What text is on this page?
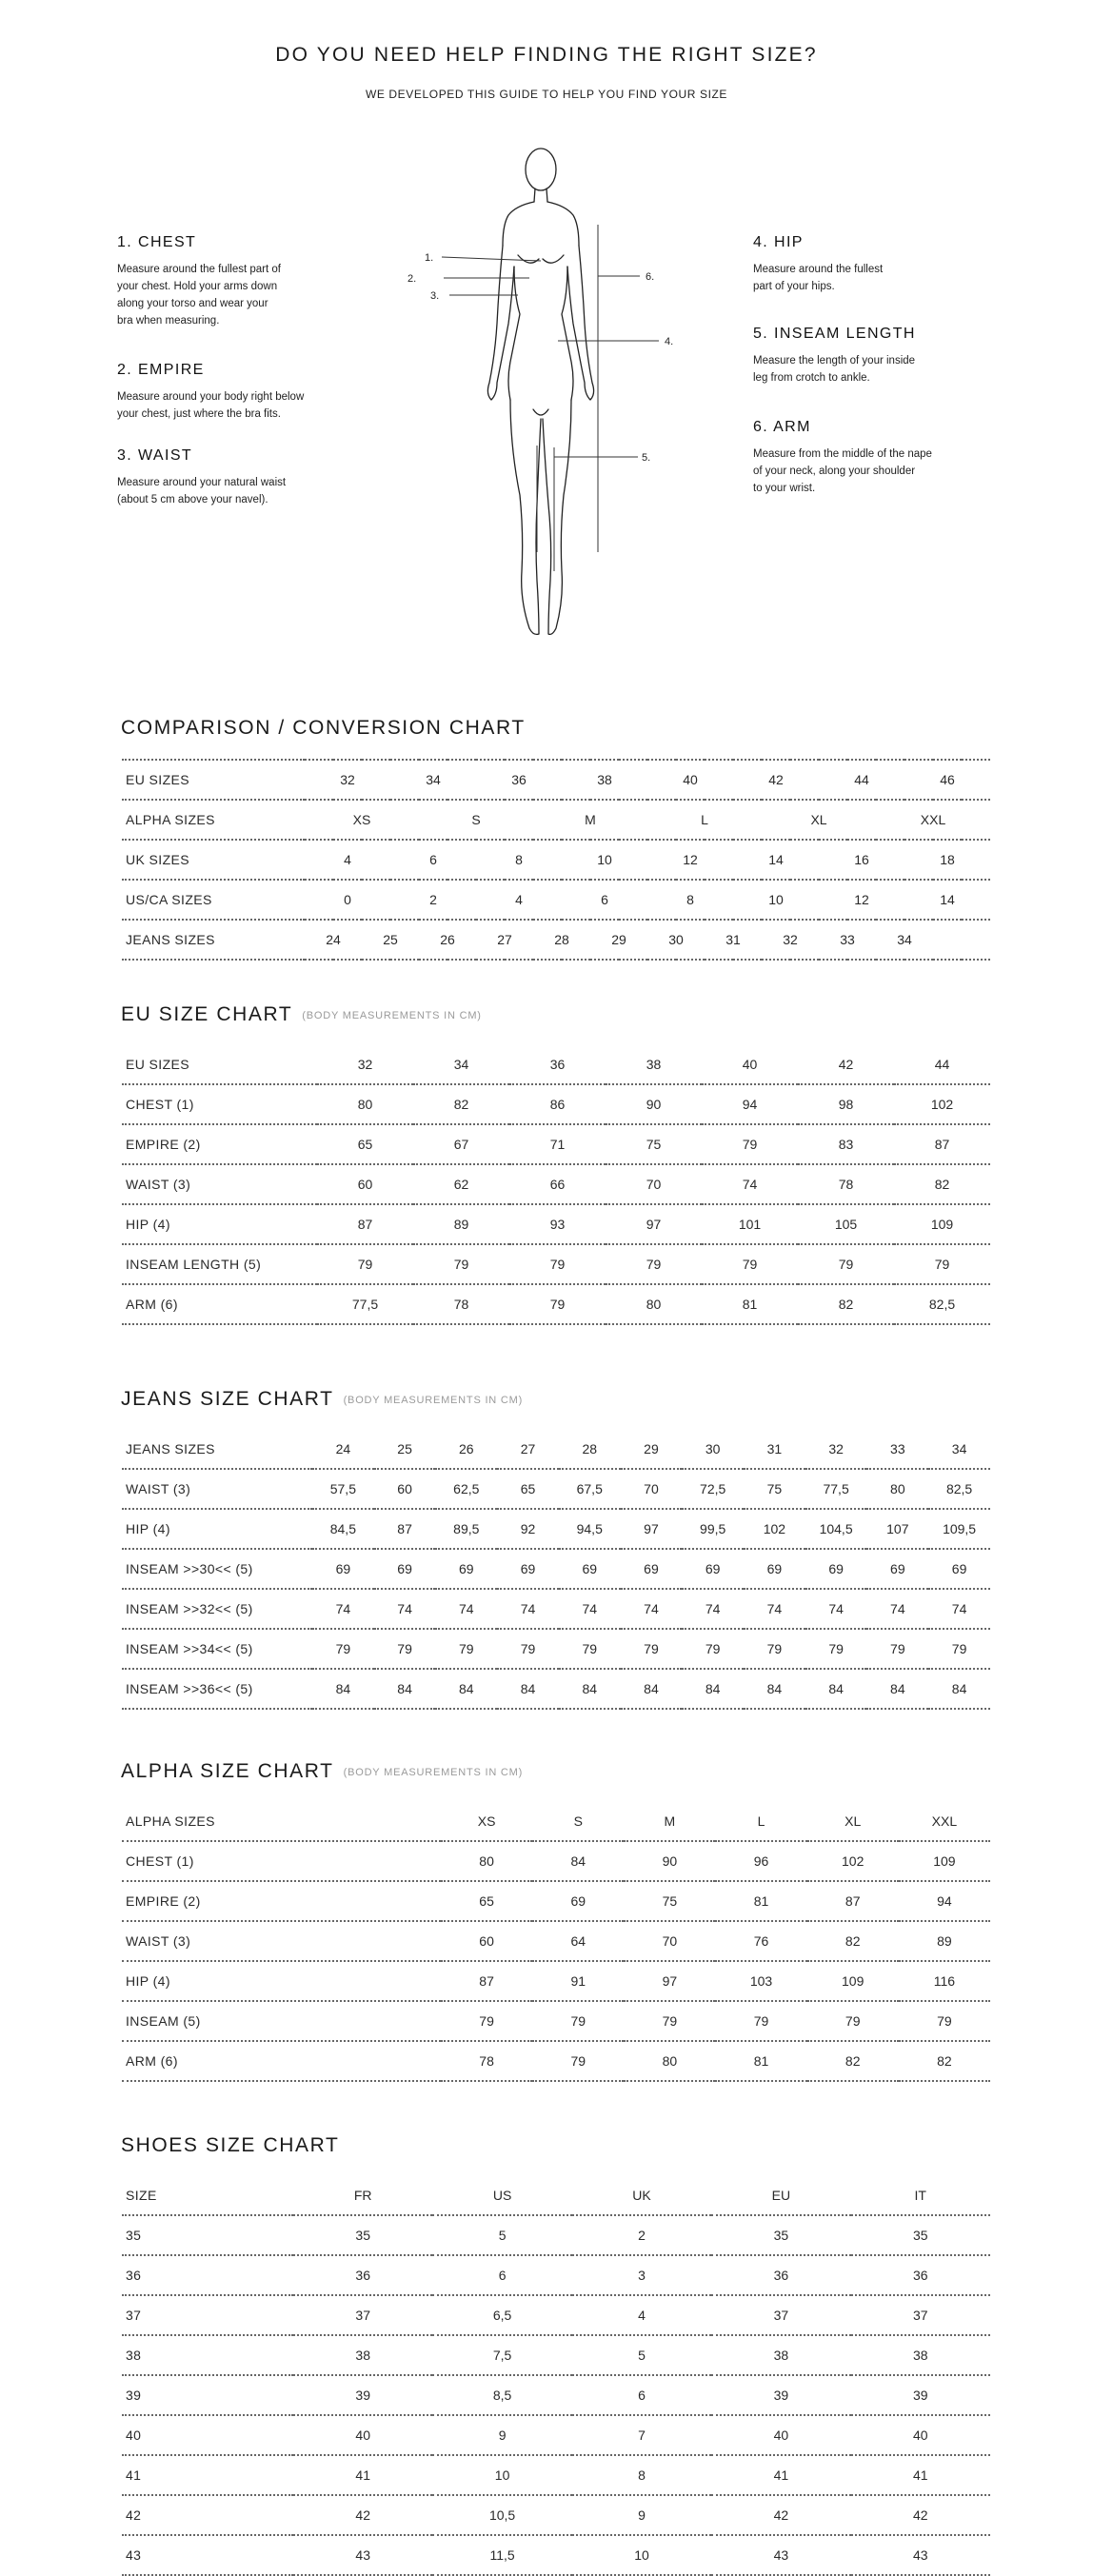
DO YOU NEED HELP FINDING THE RIGHT SIZE?
WE DEVELOPED THIS GUIDE TO HELP YOU FIND YOUR SIZE
1. CHEST

Measure around the fullest part of
your chest. Hold your arms down
along your torso and wear your
bra when measuring.

2. EMPIRE

Measure around your body right below
your chest, just where the bra fits.

3. WAIST

Measure around your natural waist
(about 5 cm above your navel).

4. HIP

Measure around the fullest
part of your hips.

5. INSEAM LENGTH

Measure the length of your inside
leg from crotch to ankle.

6. ARM

Measure from the middle of the nape
of your neck, along your shoulder
to your wrist.

1.
2.
3.
4.
5.
6.
COMPARISON / CONVERSION CHART
EU SIZES	32		34		36		38		40		42		44		46	
ALPHA SIZES	XS			S		M			L			XL		XXL		
UK SIZES	4		6		8		10		12		14		16		18	
US/CA SIZES	0		2		4		6		8		10		12		14	
JEANS SIZES	24	25		26	27	28		29	30	31		32	33	34		
EU SIZE CHART (BODY MEASUREMENTS IN CM)
EU SIZES	32	34	36	38	40	42	44
CHEST (1)	80	82	86	90	94	98	102
EMPIRE (2)	65	67	71	75	79	83	87
WAIST (3)	60	62	66	70	74	78	82
HIP (4)	87	89	93	97	101	105	109
INSEAM LENGTH (5)	79	79	79	79	79	79	79
ARM (6)	77,5	78	79	80	81	82	82,5
JEANS SIZE CHART (BODY MEASUREMENTS IN CM)
JEANS SIZES	24	25	26	27	28	29	30	31	32	33	34
WAIST (3)	57,5	60	62,5	65	67,5	70	72,5	75	77,5	80	82,5
HIP (4)	84,5	87	89,5	92	94,5	97	99,5	102	104,5	107	109,5
INSEAM >>30<< (5)	69	69	69	69	69	69	69	69	69	69	69
INSEAM >>32<< (5)	74	74	74	74	74	74	74	74	74	74	74
INSEAM >>34<< (5)	79	79	79	79	79	79	79	79	79	79	79
INSEAM >>36<< (5)	84	84	84	84	84	84	84	84	84	84	84
ALPHA SIZE CHART (BODY MEASUREMENTS IN CM)
ALPHA SIZES	XS	S	M	L	XL	XXL
CHEST (1)	80	84	90	96	102	109
EMPIRE (2)	65	69	75	81	87	94
WAIST (3)	60	64	70	76	82	89
HIP (4)	87	91	97	103	109	116
INSEAM (5)	79	79	79	79	79	79
ARM (6)	78	79	80	81	82	82
SHOES SIZE CHART
SIZE	FR	US	UK	EU	IT
35	35	5	2	35	35
36	36	6	3	36	36
37	37	6,5	4	37	37
38	38	7,5	5	38	38
39	39	8,5	6	39	39
40	40	9	7	40	40
41	41	10	8	41	41
42	42	10,5	9	42	42
43	43	11,5	10	43	43
